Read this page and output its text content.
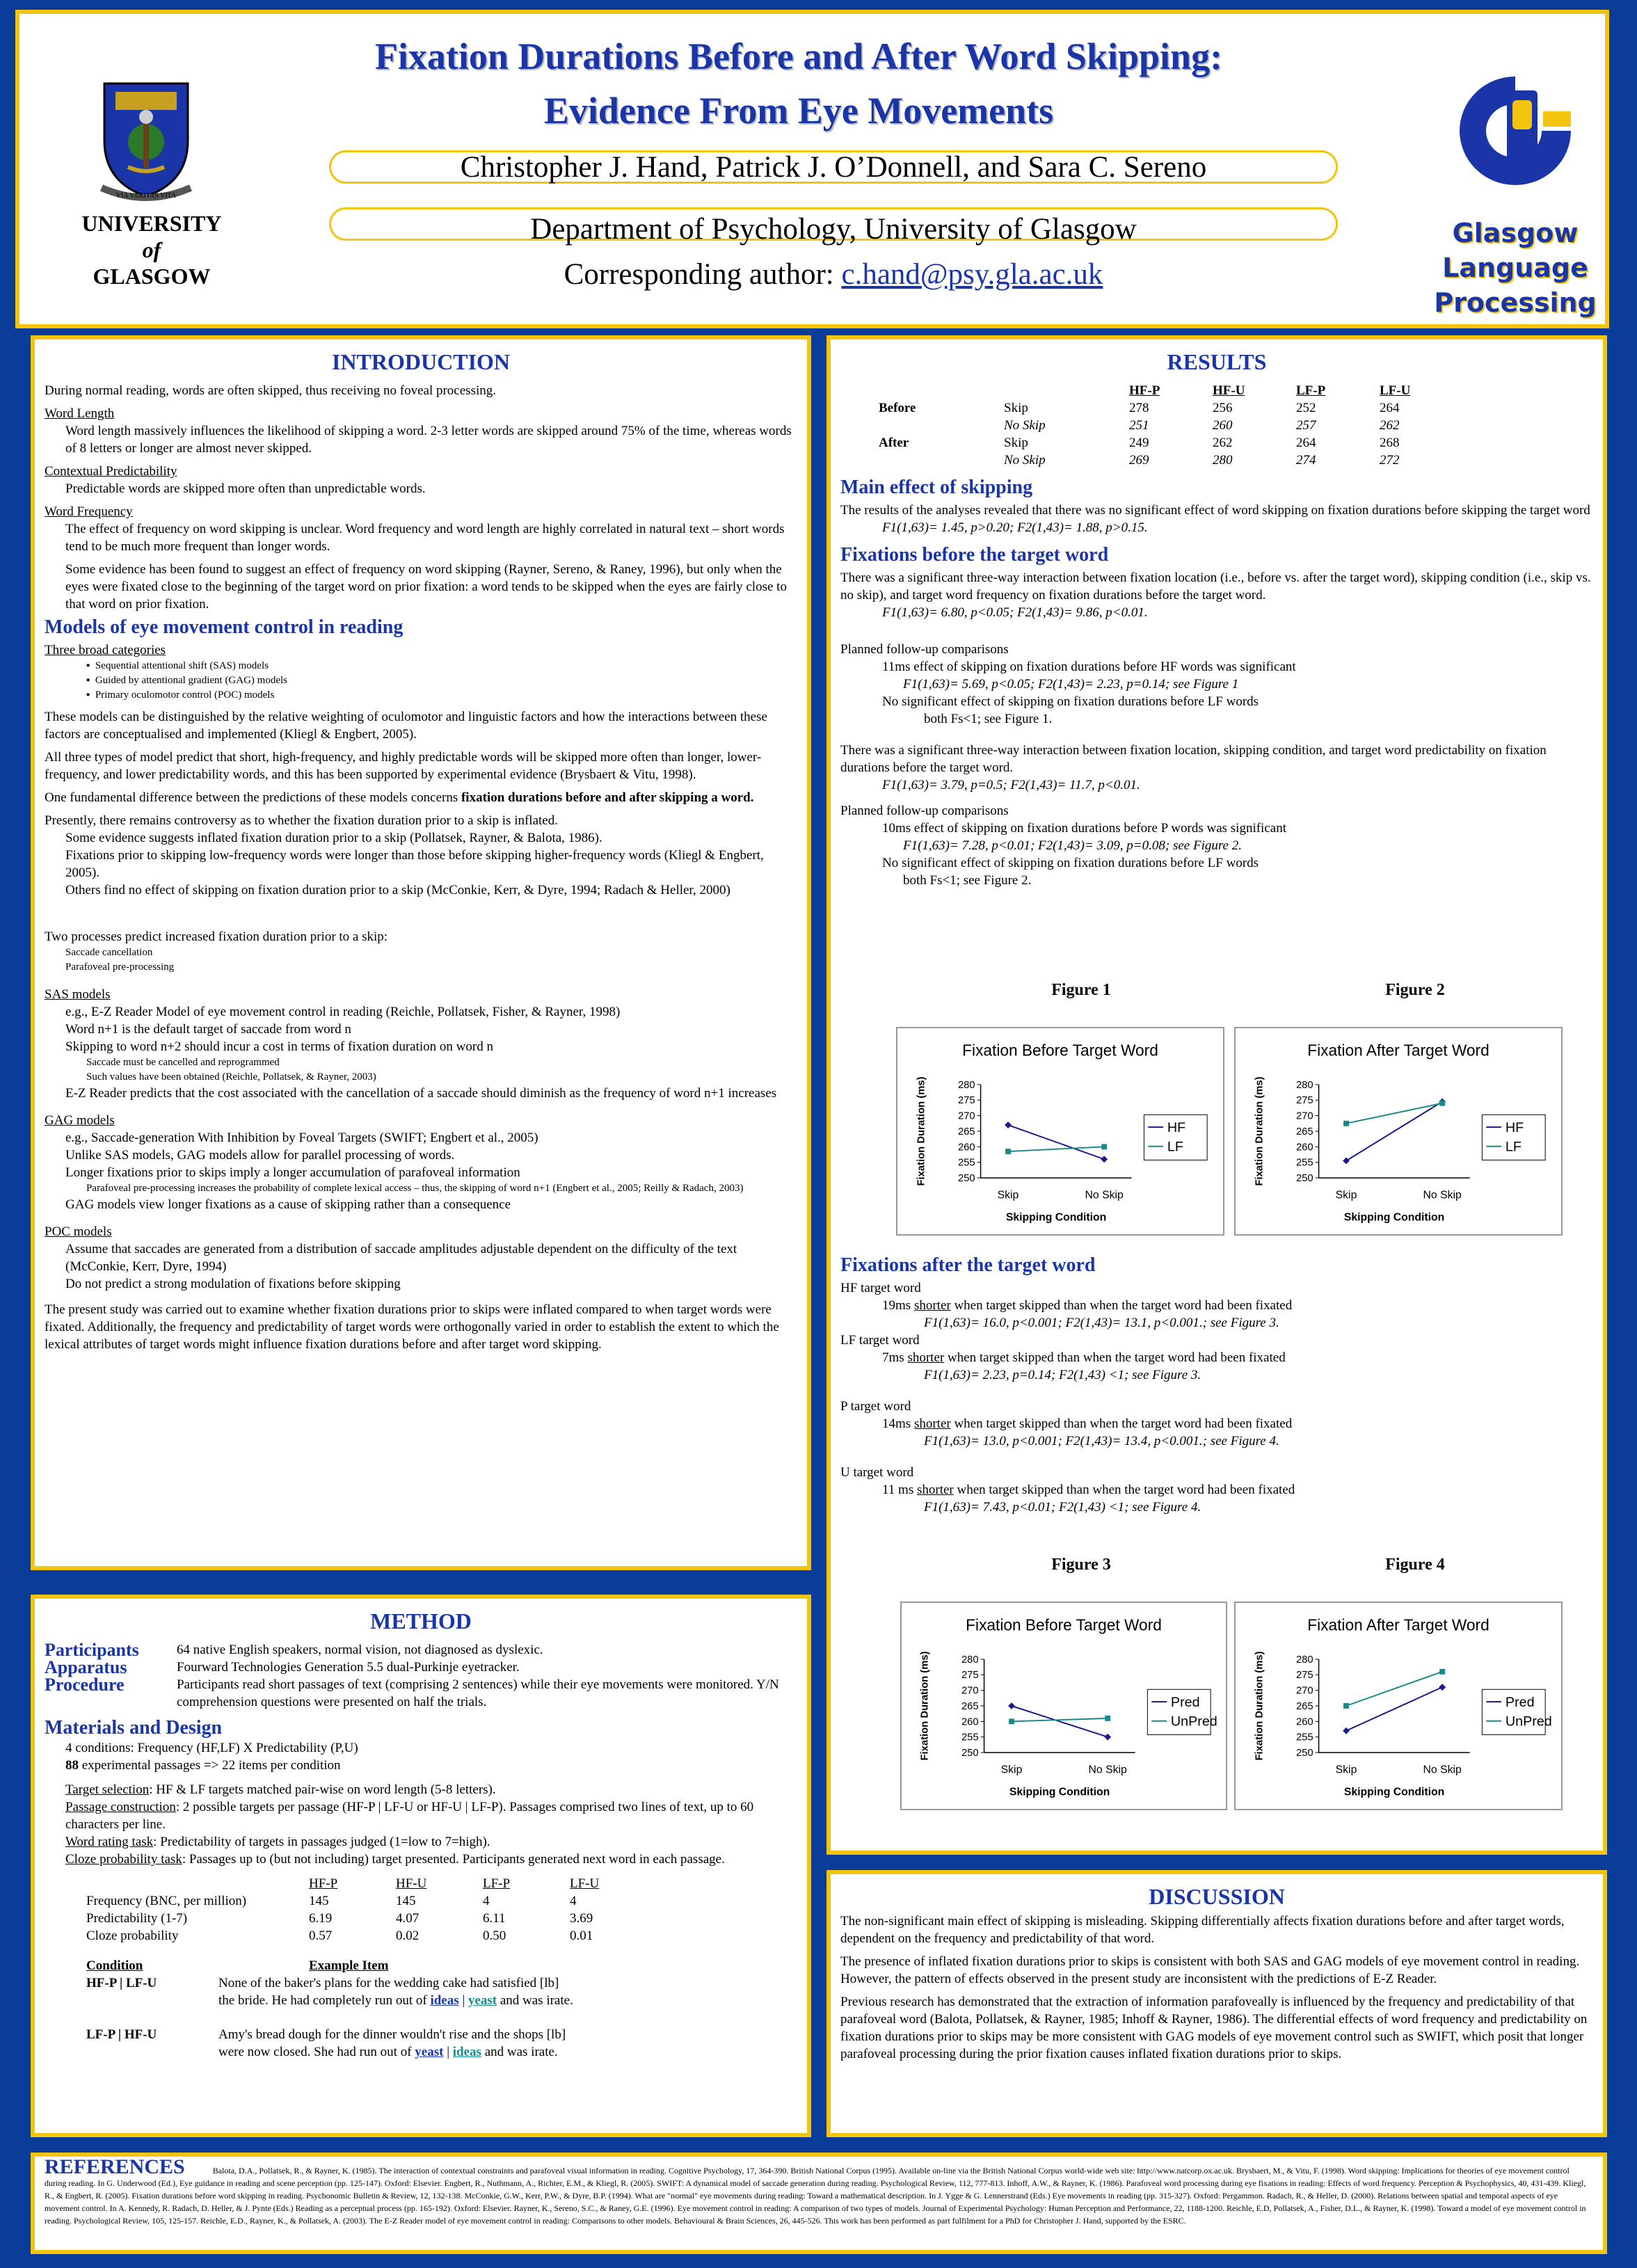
VIA VERITAS VITA
UNIVERSITY
of
GLASGOW
Fixation Durations Before and After Word Skipping:
Evidence From Eye Movements
Christopher J. Hand, Patrick J. O’Donnell, and Sara C. Sereno
Department of Psychology, University of Glasgow
Corresponding author: c.hand@psy.gla.ac.uk
Glasgow
Language
Processing
INTRODUCTION

During normal reading, words are often skipped, thus receiving no foveal processing.

Word Length

Word length massively influences the likelihood of skipping a word. 2-3 letter words are skipped around 75% of the time, whereas words of 8 letters or longer are almost never skipped.

Contextual Predictability

Predictable words are skipped more often than unpredictable words.

Word Frequency

The effect of frequency on word skipping is unclear. Word frequency and word length are highly correlated in natural text – short words tend to be much more frequent than longer words.

Some evidence has been found to suggest an effect of frequency on word skipping (Rayner, Sereno, & Raney, 1996), but only when the eyes were fixated close to the beginning of the target word on prior fixation: a word tends to be skipped when the eyes are fairly close to that word on prior fixation.

Models of eye movement control in reading
Three broad categories
▪  Sequential attentional shift (SAS) models
▪  Guided by attentional gradient (GAG) models
▪  Primary oculomotor control (POC) models

These models can be distinguished by the relative weighting of oculomotor and linguistic factors and how the interactions between these factors are conceptualised and implemented (Kliegl & Engbert, 2005).

All three types of model predict that short, high-frequency, and highly predictable words will be skipped more often than longer, lower-frequency, and lower predictability words, and this has been supported by experimental evidence (Brysbaert & Vitu, 1998).

One fundamental difference between the predictions of these models concerns fixation durations before and after skipping a word.

Presently, there remains controversy as to whether the fixation duration prior to a skip is inflated.
Some evidence suggests inflated fixation duration prior to a skip (Pollatsek, Rayner, & Balota, 1986).
Fixations prior to skipping low-frequency words were longer than those before skipping higher-frequency words (Kliegl & Engbert, 2005).
Others find no effect of skipping on fixation duration prior to a skip (McConkie, Kerr, & Dyre, 1994; Radach & Heller, 2000)
Two processes predict increased fixation duration prior to a skip:
Saccade cancellation
Parafoveal pre-processing
SAS models
e.g., E-Z Reader Model of eye movement control in reading (Reichle, Pollatsek, Fisher, & Rayner, 1998)
Word n+1 is the default target of saccade from word n
Skipping to word n+2 should incur a cost in terms of fixation duration on word n
Saccade must be cancelled and reprogrammed
Such values have been obtained (Reichle, Pollatsek, & Rayner, 2003)
E-Z Reader predicts that the cost associated with the cancellation of a saccade should diminish as the frequency of word n+1 increases
GAG models
e.g., Saccade-generation With Inhibition by Foveal Targets (SWIFT; Engbert et al., 2005)
Unlike SAS models, GAG models allow for parallel processing of words.
Longer fixations prior to skips imply a longer accumulation of parafoveal information
Parafoveal pre-processing increases the probability of complete lexical access – thus, the skipping of word n+1 (Engbert et al., 2005; Reilly & Radach, 2003)
GAG models view longer fixations as a cause of skipping rather than a consequence
POC models
Assume that saccades are generated from a distribution of saccade amplitudes adjustable dependent on the difficulty of the text (McConkie, Kerr, Dyre, 1994)
Do not predict a strong modulation of fixations before skipping

The present study was carried out to examine whether fixation durations prior to skips were inflated compared to when target words were fixated. Additionally, the frequency and predictability of target words were orthogonally varied in order to establish the extent to which the lexical attributes of target words might influence fixation durations before and after target word skipping.

METHOD
Participants	64 native English speakers, normal vision, not diagnosed as dyslexic.
Apparatus	Fourward Technologies Generation 5.5 dual-Purkinje eyetracker.
Procedure	Participants read short passages of text (comprising 2 sentences) while their eye movements were monitored. Y/N comprehension questions were presented on half the trials.
Materials and Design
4 conditions: Frequency (HF,LF) X Predictability (P,U)
88 experimental passages => 22 items per condition
Target selection: HF & LF targets matched pair-wise on word length (5-8 letters).
Passage construction: 2 possible targets per passage (HF-P | LF-U or HF-U | LF-P). Passages comprised two lines of text, up to 60 characters per line.
Word rating task: Predictability of targets in passages judged (1=low to 7=high).
Cloze probability task: Passages up to (but not including) target presented. Participants generated next word in each passage.
	HF-P	HF-U	LF-P	LF-U
Frequency (BNC, per million)	145	145	4	4
Predictability (1-7)	6.19	4.07	6.11	3.69
Cloze probability	0.57	0.02	0.50	0.01
Condition	Example Item
HF-P | LF-U	None of the baker's plans for the wedding cake had satisfied [lb]
the bride. He had completely run out of ideas | yeast and was irate.

LF-P | HF-U	Amy's bread dough for the dinner wouldn't rise and the shops [lb]
were now closed. She had run out of yeast | ideas and was irate.
RESULTS
		HF-P	HF-U	LF-P	LF-U
Before	Skip	278	256	252	264
	No Skip	251	260	257	262
After	Skip	249	262	264	268
	No Skip	269	280	274	272
Main effect of skipping
The results of the analyses revealed that there was no significant effect of word skipping on fixation durations before skipping the target word
F1(1,63)= 1.45, p>0.20; F2(1,43)= 1.88, p>0.15.
Fixations before the target word
There was a significant three-way interaction between fixation location (i.e., before vs. after the target word), skipping condition (i.e., skip vs. no skip), and target word frequency on fixation durations before the target word.
F1(1,63)= 6.80, p<0.05; F2(1,43)= 9.86, p<0.01.
Planned follow-up comparisons
11ms effect of skipping on fixation durations before HF words was significant
F1(1,63)= 5.69, p<0.05; F2(1,43)= 2.23, p=0.14; see Figure 1
No significant effect of skipping on fixation durations before LF words
both Fs<1; see Figure 1.
There was a significant three-way interaction between fixation location, skipping condition, and target word predictability on fixation durations before the target word.
F1(1,63)= 3.79, p=0.5; F2(1,43)= 11.7, p<0.01.
Planned follow-up comparisons
10ms effect of skipping on fixation durations before P words was significant
F1(1,63)= 7.28, p<0.01; F2(1,43)= 3.09, p=0.08; see Figure 2.
No significant effect of skipping on fixation durations before LF words
both Fs<1; see Figure 2.
Figure 1	Figure 2
Fixation Before Target Word
280
275
270
265
260
255
250
Skip	No Skip
Skipping Condition
Fixation Duration (ms)	HF
LF
Fixation After Target Word
280
275
270
265
260
255
250
Skip	No Skip
Skipping Condition
Fixation Duration (ms)	HF
LF
Fixations after the target word
HF target word
19ms shorter when target skipped than when the target word had been fixated
F1(1,63)= 16.0, p<0.001; F2(1,43)= 13.1, p<0.001.; see Figure 3.
LF target word
7ms shorter when target skipped than when the target word had been fixated
F1(1,63)= 2.23, p=0.14; F2(1,43) <1; see Figure 3.
P target word
14ms shorter when target skipped than when the target word had been fixated
F1(1,63)= 13.0, p<0.001; F2(1,43)= 13.4, p<0.001.; see Figure 4.
U target word
11 ms shorter when target skipped than when the target word had been fixated
F1(1,63)= 7.43, p<0.01; F2(1,43) <1; see Figure 4.
Figure 3	Figure 4
Fixation Before Target Word
280
275
270
265
260
255
250
Skip	No Skip
Skipping Condition
Fixation Duration (ms)	Pred
UnPred
Fixation After Target Word
280
275
270
265
260
255
250
Skip	No Skip
Skipping Condition
Fixation Duration (ms)	Pred
UnPred
DISCUSSION

The non-significant main effect of skipping is misleading. Skipping differentially affects fixation durations before and after target words, dependent on the frequency and predictability of that word.

The presence of inflated fixation durations prior to skips is consistent with both SAS and GAG models of eye movement control in reading. However, the pattern of effects observed in the present study are inconsistent with the predictions of E-Z Reader.

Previous research has demonstrated that the extraction of information parafoveally is influenced by the frequency and predictability of that parafoveal word (Balota, Pollatsek, & Rayner, 1985; Inhoff & Rayner, 1986). The differential effects of word frequency and predictability on fixation durations prior to skips may be more consistent with GAG models of eye movement control such as SWIFT, which posit that longer parafoveal processing during the prior fixation causes inflated fixation durations prior to skips.

REFERENCES	Balota, D.A., Pollatsek, R., & Rayner, K. (1985). The interaction of contextual constraints and parafoveal visual information in reading. Cognitive Psychology, 17, 364-390. British National Corpus (1995). Available on-line via the British National Corpus world-wide web site: http://www.natcorp.ox.ac.uk. Brysbaert, M., & Vitu, F. (1998). Word skipping: Implications for theories of eye movement control during reading. In G. Underwood (Ed.), Eye guidance in reading and scene perception (pp. 125-147). Oxford: Elsevier. Engbert, R., Nuthmann, A., Richter, E.M., & Kliegl, R. (2005). SWIFT: A dynamical model of saccade generation during reading. Psychological Review, 112, 777-813. Inhoff, A.W., & Rayner, K. (1986). Parafoveal word processing during eye fixations in reading: Effects of word frequency. Perception & Psychophysics, 40, 431-439. Kliegl, R., & Engbert, R. (2005). Fixation durations before word skipping in reading. Psychonomic Bulletin & Review, 12, 132-138. McConkie, G.W., Kerr, P.W., & Dyre, B.P. (1994). What are "normal" eye movements during reading: Toward a mathematical description. In J. Ygge & G. Lennerstrand (Eds.) Eye movements in reading (pp. 315-327). Oxford: Pergammon. Radach, R., & Heller, D. (2000). Relations between spatial and temporal aspects of eye movement control. In A. Kennedy, R. Radach, D. Heller, & J. Pynte (Eds.) Reading as a perceptual process (pp. 165-192). Oxford: Elsevier. Rayner, K., Sereno, S.C., & Raney, G.E. (1996). Eye movement control in reading: A comparison of two types of models. Journal of Experimental Psychology: Human Perception and Performance, 22, 1188-1200. Reichle, E.D, Pollatsek, A., Fisher, D.L., & Rayner, K. (1998). Toward a model of eye movement control in reading. Psychological Review, 105, 125-157. Reichle, E.D., Rayner, K., & Pollatsek, A. (2003). The E-Z Reader model of eye movement control in reading: Comparisons to other models. Behavioural & Brain Sciences, 26, 445-526. This work has been performed as part fulfilment for a PhD for Christopher J. Hand, supported by the ESRC.
